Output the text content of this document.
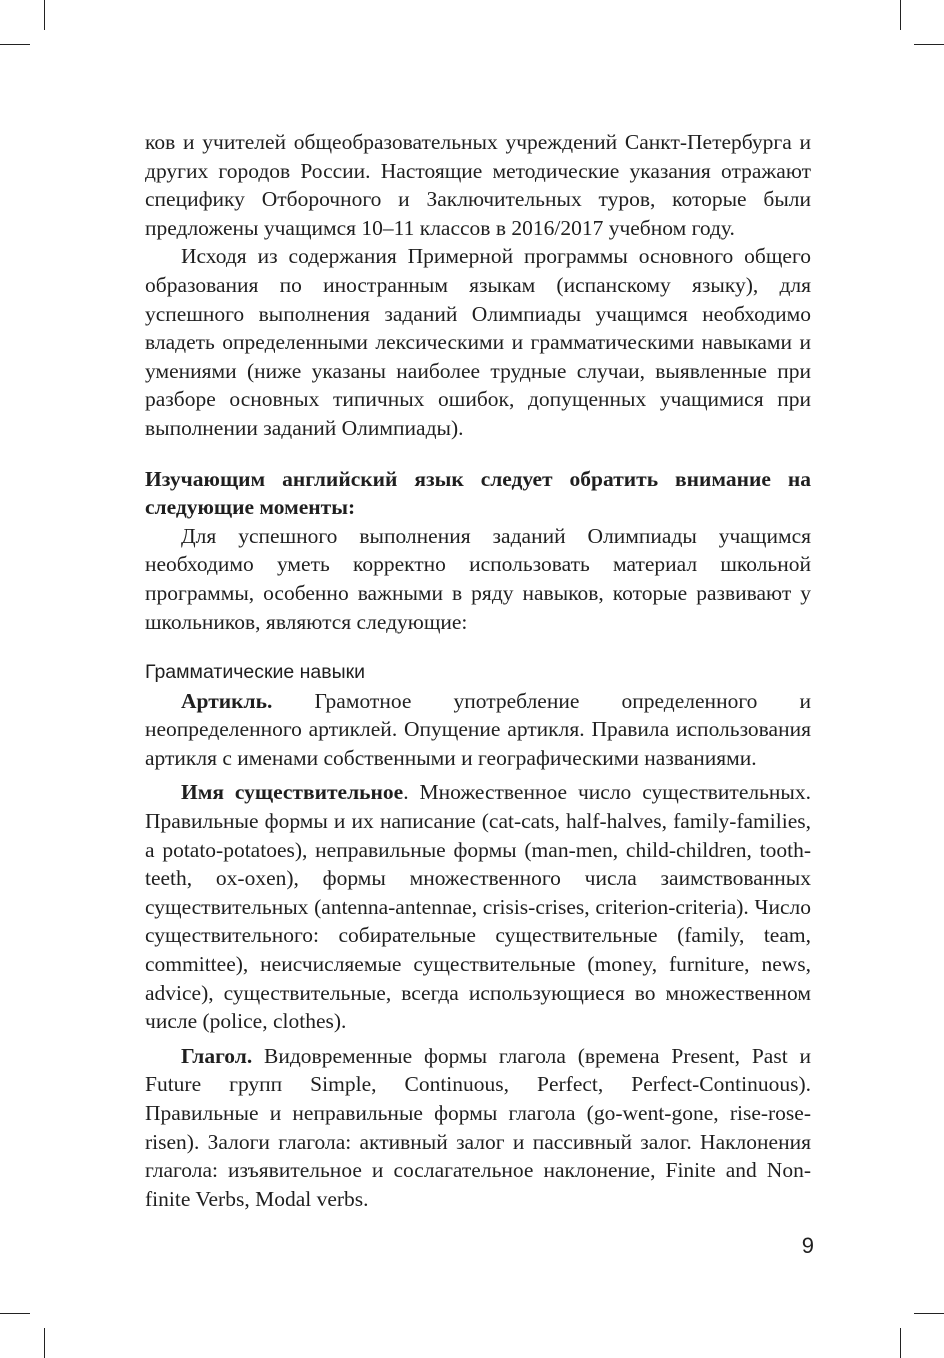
ков и учителей общеобразовательных учреждений Санкт-Петербурга и других городов России. Настоящие методические указания отражают специфику Отборочного и Заключительных туров, которые были предложены учащимся 10–11 классов в 2016/2017 учебном году.

Исходя из содержания Примерной программы основного общего образования по иностранным языкам (испанскому языку), для успешного выполнения заданий Олимпиады учащимся необходимо владеть определенными лексическими и грамматическими навыками и умениями (ниже указаны наиболее трудные случаи, выявленные при разборе основных типичных ошибок, допущенных учащимися при выполнении заданий Олимпиады).

Изучающим английский язык следует обратить внимание на следующие моменты:

Для успешного выполнения заданий Олимпиады учащимся необходимо уметь корректно использовать материал школьной программы, особенно важными в ряду навыков, которые развивают у школьников, являются следующие:

Грамматические навыки

Артикль. Грамотное употребление определенного и неопределенного артиклей. Опущение артикля. Правила использования артикля с именами собственными и географическими названиями.

Имя существительное. Множественное число существительных. Правильные формы и их написание (cat-cats, half-halves, family-families, a potato-potatoes), неправильные формы (man-men, child-children, tooth-teeth, ox-oxen), формы множественного числа заимствованных существительных (antenna-antennae, crisis-crises, criterion-criteria). Число существительного: собирательные существительные (family, team, committee), неисчисляемые существительные (money, furniture, news, advice), существительные, всегда использующиеся во множественном числе (police, clothes).

Глагол. Видовременные формы глагола (времена Present, Past и Future групп Simple, Continuous, Perfect, Perfect-Continuous). Правильные и неправильные формы глагола (go-went-gone, rise-rose-risen). Залоги глагола: активный залог и пассивный залог. Наклонения глагола: изъявительное и сослагательное наклонение, Finite and Non-finite Verbs, Modal verbs.

9
